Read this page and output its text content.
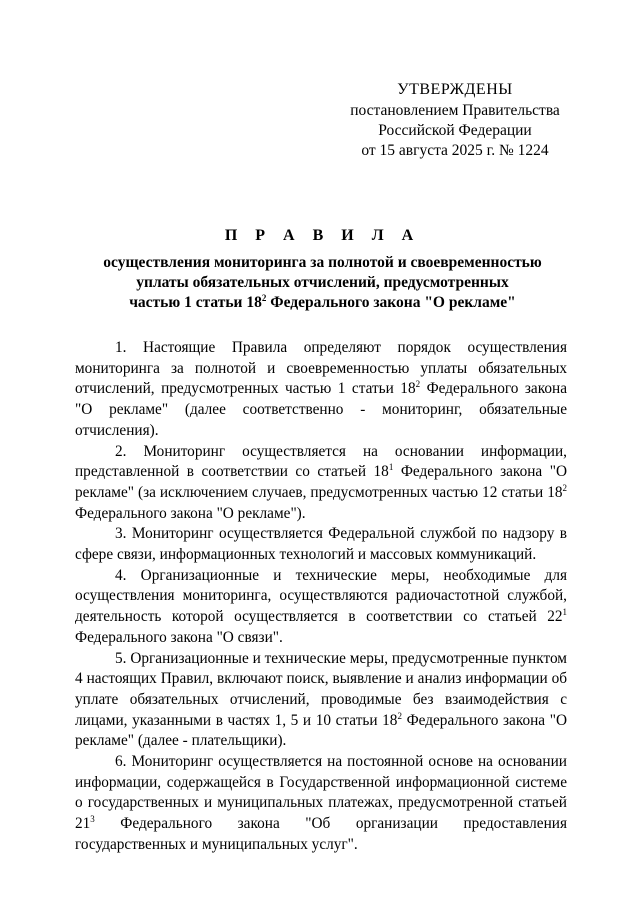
УТВЕРЖДЕНЫ
постановлением Правительства
Российской Федерации
от 15 августа 2025 г. № 1224
П Р А В И Л А
осуществления мониторинга за полнотой и своевременностью
уплаты обязательных отчислений, предусмотренных
частью 1 статьи $18^2$ Федерального закона "О рекламе"

1. Настоящие Правила определяют порядок осуществления мониторинга за полнотой и своевременностью уплаты обязательных отчислений, предусмотренных частью 1 статьи $18^2$ Федерального закона "О рекламе" (далее соответственно - мониторинг, обязательные отчисления).

2. Мониторинг осуществляется на основании информации, представленной в соответствии со статьей $18^1$ Федерального закона "О рекламе" (за исключением случаев, предусмотренных частью 12 статьи $18^2$ Федерального закона "О рекламе").

3. Мониторинг осуществляется Федеральной службой по надзору в сфере связи, информационных технологий и массовых коммуникаций.

4. Организационные и технические меры, необходимые для осуществления мониторинга, осуществляются радиочастотной службой, деятельность которой осуществляется в соответствии со статьей $22^1$ Федерального закона "О связи".

5. Организационные и технические меры, предусмотренные пунктом 4 настоящих Правил, включают поиск, выявление и анализ информации об уплате обязательных отчислений, проводимые без взаимодействия с лицами, указанными в частях 1, 5 и 10 статьи $18^2$ Федерального закона "О рекламе" (далее - плательщики).

6. Мониторинг осуществляется на постоянной основе на основании информации, содержащейся в Государственной информационной системе о государственных и муниципальных платежах, предусмотренной статьей $21^3$ Федерального закона "Об организации предоставления государственных и муниципальных услуг".
